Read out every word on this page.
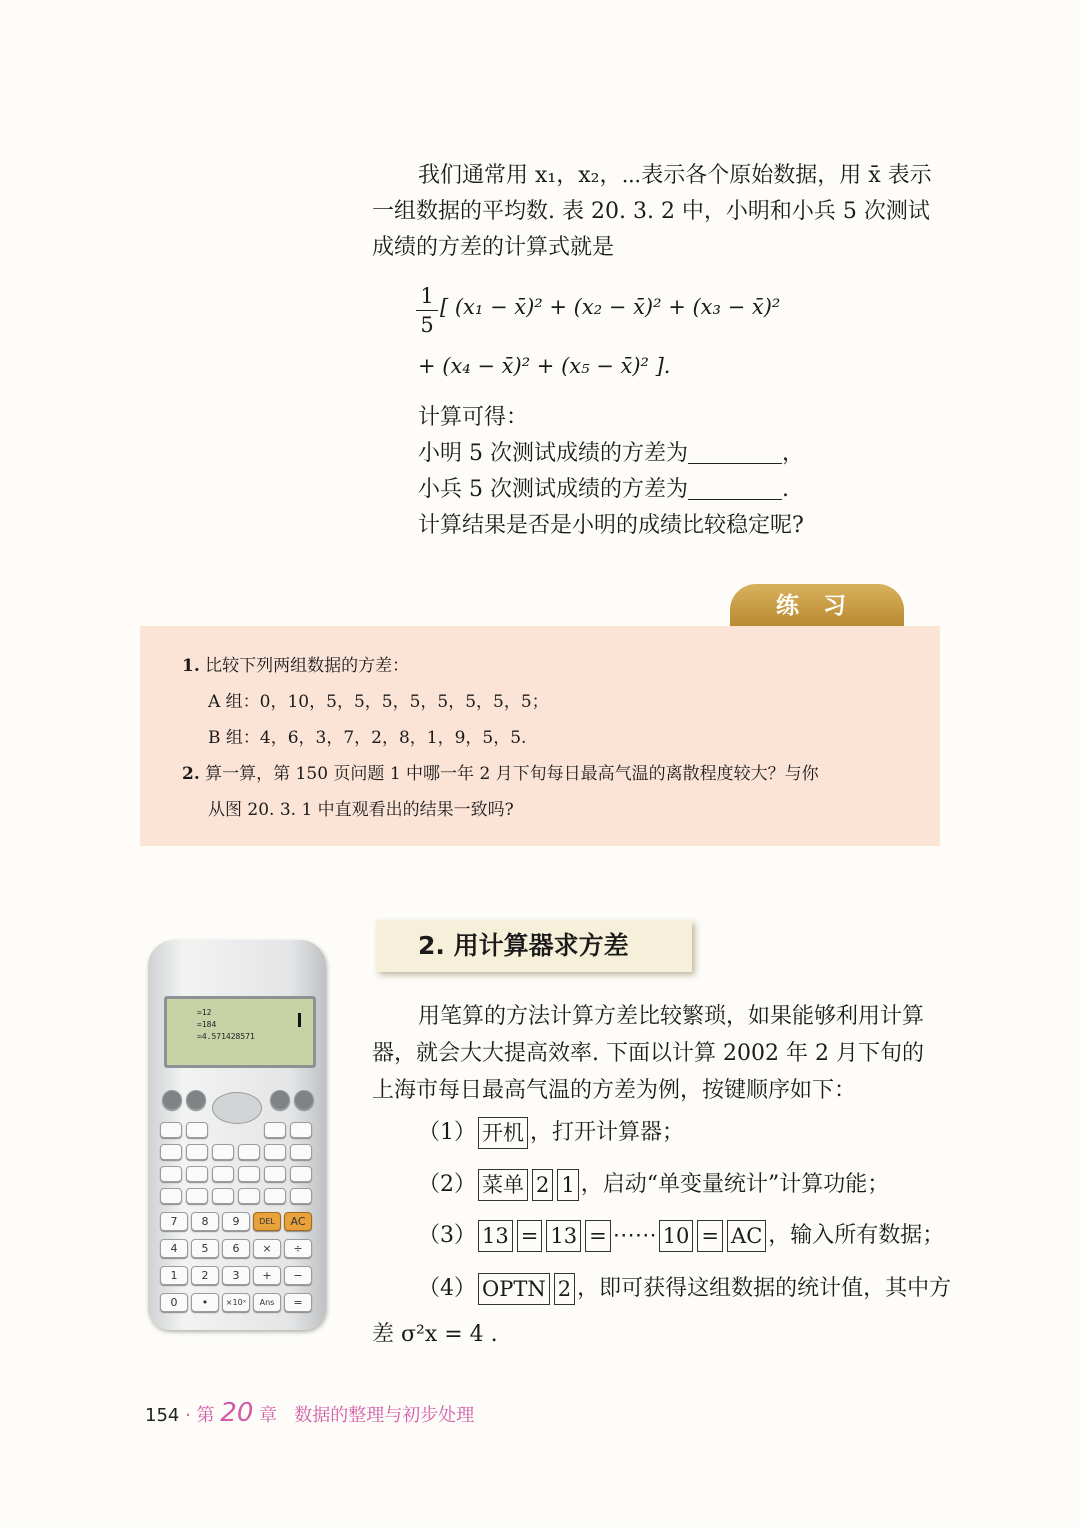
我们通常用 x₁，x₂，⋯表示各个原始数据，用 x̄ 表示一组数据的平均数. 表 20. 3. 2 中，小明和小兵 5 次测试成绩的方差的计算式就是

1
5
[ (x₁ − x̄)² + (x₂ − x̄)² + (x₃ − x̄)²
+ (x₄ − x̄)² + (x₅ − x̄)² ].
计算可得：
小明 5 次测试成绩的方差为	，
小兵 5 次测试成绩的方差为	.
计算结果是否是小明的成绩比较稳定呢?
练习
1. 比较下列两组数据的方差：
A 组：0，10，5，5，5，5，5，5，5，5；
B 组：4，6，3，7，2，8，1，9，5，5.
2. 算一算，第 150 页问题 1 中哪一年 2 月下旬每日最高气温的离散程度较大？与你
从图 20. 3. 1 中直观看出的结果一致吗?
=12
=184
=4.571428571
7	8	9	DEL	AC
4	5	6	×	÷
1	2	3	+	−
0	•	×10ˣ	Ans	=
2. 用计算器求方差

用笔算的方法计算方差比较繁琐，如果能够利用计算器，就会大大提高效率. 下面以计算 2002 年 2 月下旬的上海市每日最高气温的方差为例，按键顺序如下：

（1） 开机 ，打开计算器；
（2） 菜单 2 1 ，启动“单变量统计”计算功能；
（3） 13 = 13 = ⋯⋯ 10 = AC ，输入所有数据；
（4） OPTN 2 ，即可获得这组数据的统计值，其中方
差 σ²x = 4 .
154 · 第 20 章 数据的整理与初步处理
